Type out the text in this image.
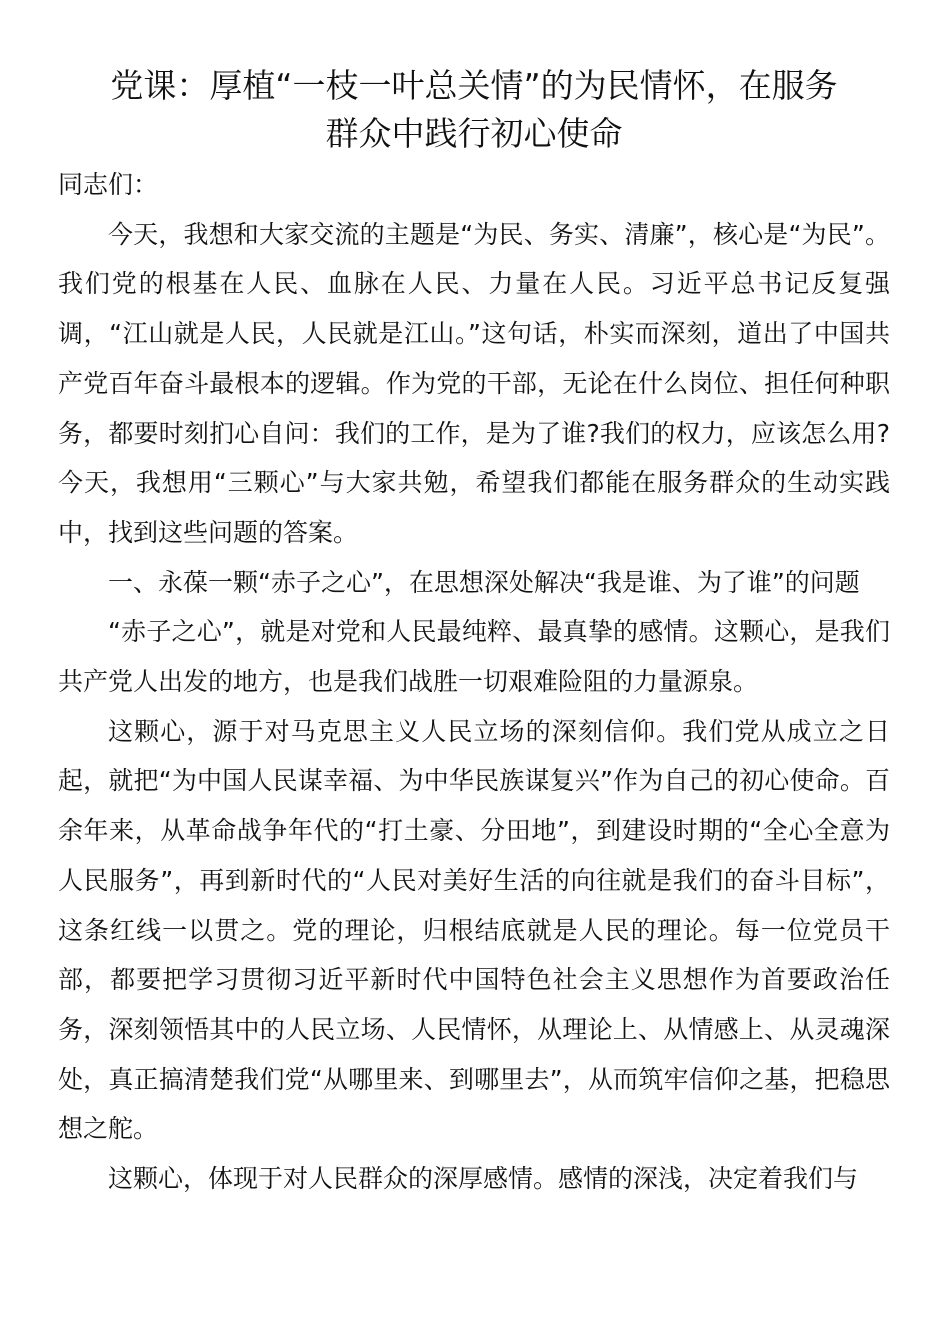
党课：厚植“一枝一叶总关情”的为民情怀，在服务
群众中践行初心使命

同志们：

今天，我想和大家交流的主题是“为民、务实、清廉”，核心是“为民”。我们党的根基在人民、血脉在人民、力量在人民。习近平总书记反复强调，“江山就是人民，人民就是江山。”这句话，朴实而深刻，道出了中国共产党百年奋斗最根本的逻辑。作为党的干部，无论在什么岗位、担任何种职务，都要时刻扪心自问：我们的工作，是为了谁?我们的权力，应该怎么用?今天，我想用“三颗心”与大家共勉，希望我们都能在服务群众的生动实践中，找到这些问题的答案。

一、永葆一颗“赤子之心”，在思想深处解决“我是谁、为了谁”的问题

“赤子之心”，就是对党和人民最纯粹、最真挚的感情。这颗心，是我们共产党人出发的地方，也是我们战胜一切艰难险阻的力量源泉。

这颗心，源于对马克思主义人民立场的深刻信仰。我们党从成立之日起，就把“为中国人民谋幸福、为中华民族谋复兴”作为自己的初心使命。百余年来，从革命战争年代的“打土豪、分田地”，到建设时期的“全心全意为人民服务”，再到新时代的“人民对美好生活的向往就是我们的奋斗目标”，这条红线一以贯之。党的理论，归根结底就是人民的理论。每一位党员干部，都要把学习贯彻习近平新时代中国特色社会主义思想作为首要政治任务，深刻领悟其中的人民立场、人民情怀，从理论上、从情感上、从灵魂深处，真正搞清楚我们党“从哪里来、到哪里去”，从而筑牢信仰之基，把稳思想之舵。

这颗心，体现于对人民群众的深厚感情。感情的深浅，决定着我们与
